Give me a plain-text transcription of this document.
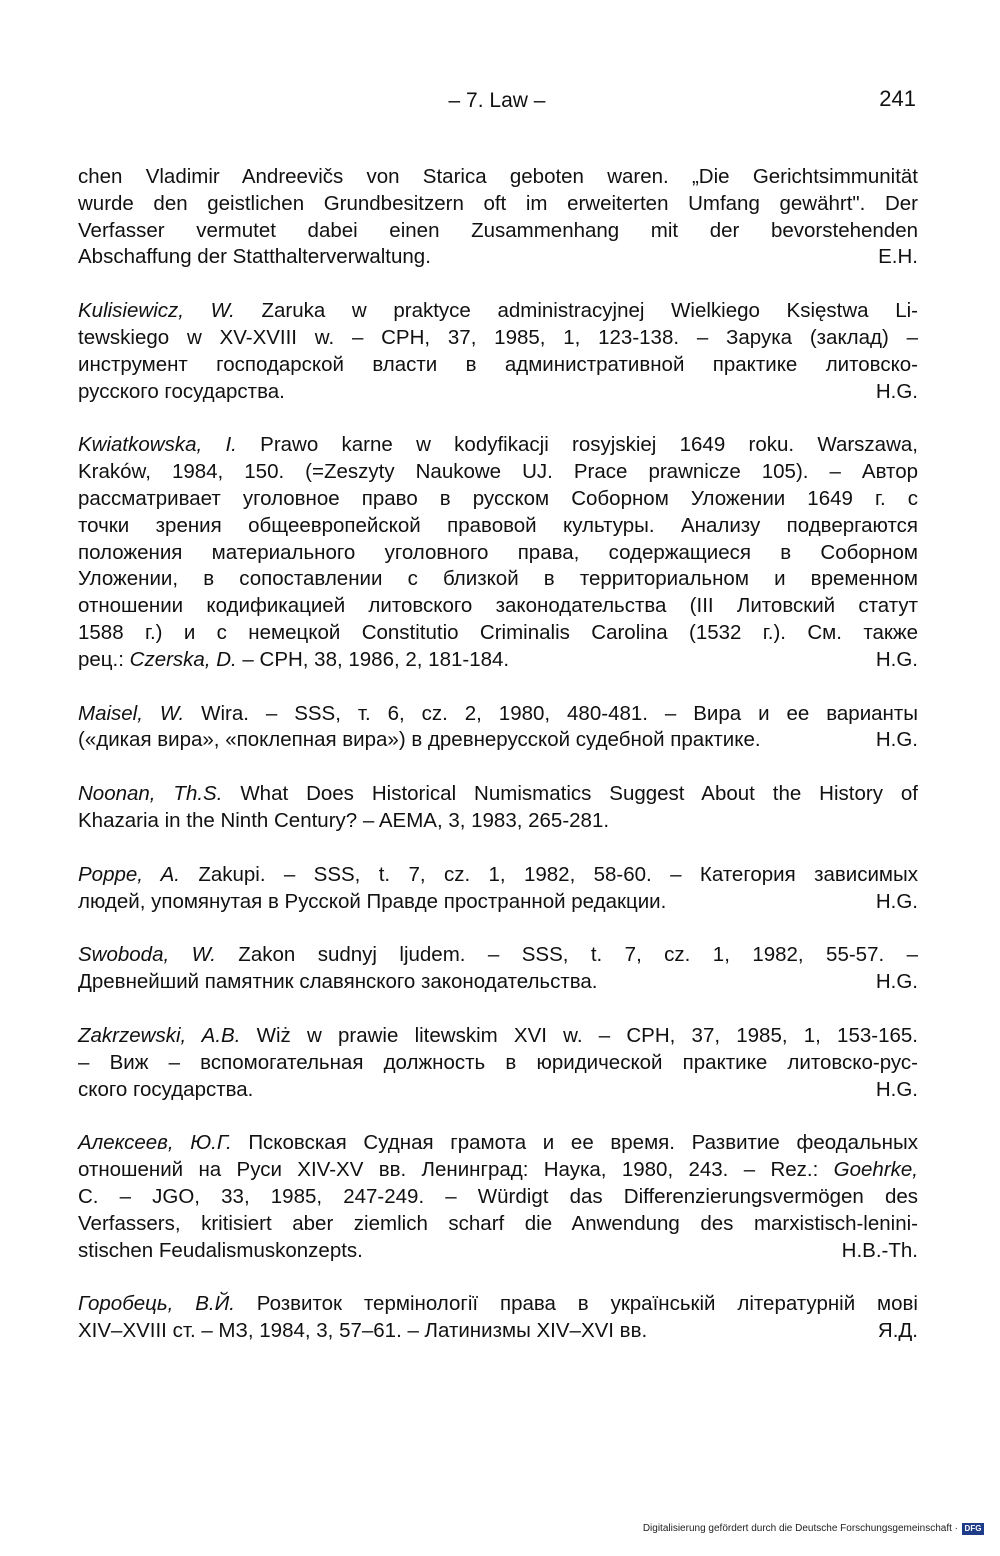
– 7. Law –	241
chen Vladimir Andreevičs von Starica geboten waren. „Die Gerichtsimmunität
wurde den geistlichen Grundbesitzern oft im erweiterten Umfang gewährt". Der
Verfasser vermutet dabei einen Zusammenhang mit der bevorstehenden
Abschaffung der Statthalterverwaltung.	E.H.
Kulisiewicz, W. Zaruka w praktyce administracyjnej Wielkiego Księstwa Li-
tewskiego w XV-XVIII w. – CPH, 37, 1985, 1, 123-138. – Зарука (заклад) –
инструмент господарской власти в административной практике литовско-
русского государства.	H.G.
Kwiatkowska, I. Prawo karne w kodyfikacji rosyjskiej 1649 roku. Warszawa,
Kraków, 1984, 150. (=Zeszyty Naukowe UJ. Prace prawnicze 105). – Автор
рассматривает уголовное право в русском Соборном Уложении 1649 г. с
точки зрения общеевропейской правовой культуры. Анализу подвергаются
положения материального уголовного права, содержащиеся в Соборном
Уложении, в сопоставлении с близкой в территориальном и временном
отношении кодификацией литовского законодательства (III Литовский статут
1588 г.) и с немецкой Constitutio Criminalis Carolina (1532 г.). См. также
рец.: Czerska, D. – CPH, 38, 1986, 2, 181-184.	H.G.
Maisel, W. Wira. – SSS, т. 6, cz. 2, 1980, 480-481. – Вира и ее варианты
(«дикая вира», «поклепная вира») в древнерусской судебной практике.	H.G.
Noonan, Th.S. What Does Historical Numismatics Suggest About the History of
Khazaria in the Ninth Century? – AEMA, 3, 1983, 265-281.
Poppe, A. Zakupi. – SSS, t. 7, cz. 1, 1982, 58-60. – Категория зависимых
людей, упомянутая в Русской Правде пространной редакции.	H.G.
Swoboda, W. Zakon sudnyj ljudem. – SSS, t. 7, cz. 1, 1982, 55-57. –
Древнейший памятник славянского законодательства.	H.G.
Zakrzewski, A.B. Wiż w prawie litewskim XVI w. – CPH, 37, 1985, 1, 153-165.
– Виж – вспомогательная должность в юридической практике литовско-рус-
ского государства.	H.G.
Алексеев, Ю.Г. Псковская Судная грамота и ее время. Развитие феодальных
отношений на Руси XIV-XV вв. Ленинград: Наука, 1980, 243. – Rez.: Goehrke,
C. – JGO, 33, 1985, 247-249. – Würdigt das Differenzierungsvermögen des
Verfassers, kritisiert aber ziemlich scharf die Anwendung des marxistisch-lenini-
stischen Feudalismuskonzepts.	H.B.-Th.
Горобець, В.Й. Розвиток термінології права в українській літературній мові
XIV–XVIII ст. – МЗ, 1984, 3, 57–61. – Латинизмы XIV–XVI вв.	Я.Д.
Digitalisierung gefördert durch die Deutsche Forschungsgemeinschaft · DFG
